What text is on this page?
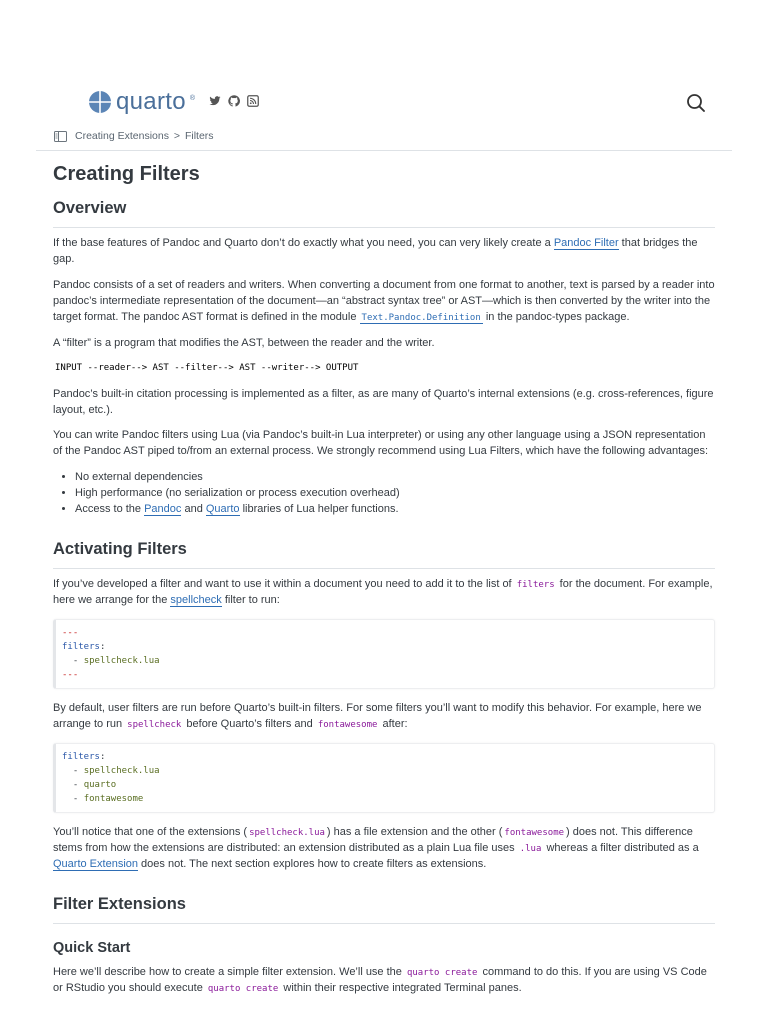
quarto ®
Creating Extensions > Filters
Creating Filters
Overview

If the base features of Pandoc and Quarto don’t do exactly what you need, you can very likely create a Pandoc Filter that bridges the gap.

Pandoc consists of a set of readers and writers. When converting a document from one format to another, text is parsed by a reader into pandoc’s intermediate representation of the document—an “abstract syntax tree” or AST—which is then converted by the writer into the target format. The pandoc AST format is defined in the module Text.Pandoc.Definition in the pandoc-types package.

A “filter” is a program that modifies the AST, between the reader and the writer.

INPUT --reader--> AST --filter--> AST --writer--> OUTPUT

Pandoc’s built-in citation processing is implemented as a filter, as are many of Quarto’s internal extensions (e.g. cross-references, figure layout, etc.).

You can write Pandoc filters using Lua (via Pandoc’s built-in Lua interpreter) or using any other language using a JSON representation of the Pandoc AST piped to/from an external process. We strongly recommend using Lua Filters, which have the following advantages:

• No external dependencies
• High performance (no serialization or process execution overhead)
• Access to the Pandoc and Quarto libraries of Lua helper functions.
Activating Filters

If you’ve developed a filter and want to use it within a document you need to add it to the list of filters for the document. For example, here we arrange for the spellcheck filter to run:

---
filters:
- spellcheck.lua
---

By default, user filters are run before Quarto’s built-in filters. For some filters you’ll want to modify this behavior. For example, here we arrange to run spellcheck before Quarto’s filters and fontawesome after:

filters:
- spellcheck.lua
- quarto
- fontawesome

You’ll notice that one of the extensions ( spellcheck.lua ) has a file extension and the other ( fontawesome ) does not. This difference stems from how the extensions are distributed: an extension distributed as a plain Lua file uses .lua whereas a filter distributed as a Quarto Extension does not. The next section explores how to create filters as extensions.

Filter Extensions
Quick Start

Here we’ll describe how to create a simple filter extension. We’ll use the quarto create command to do this. If you are using VS Code or RStudio you should execute quarto create within their respective integrated Terminal panes.
